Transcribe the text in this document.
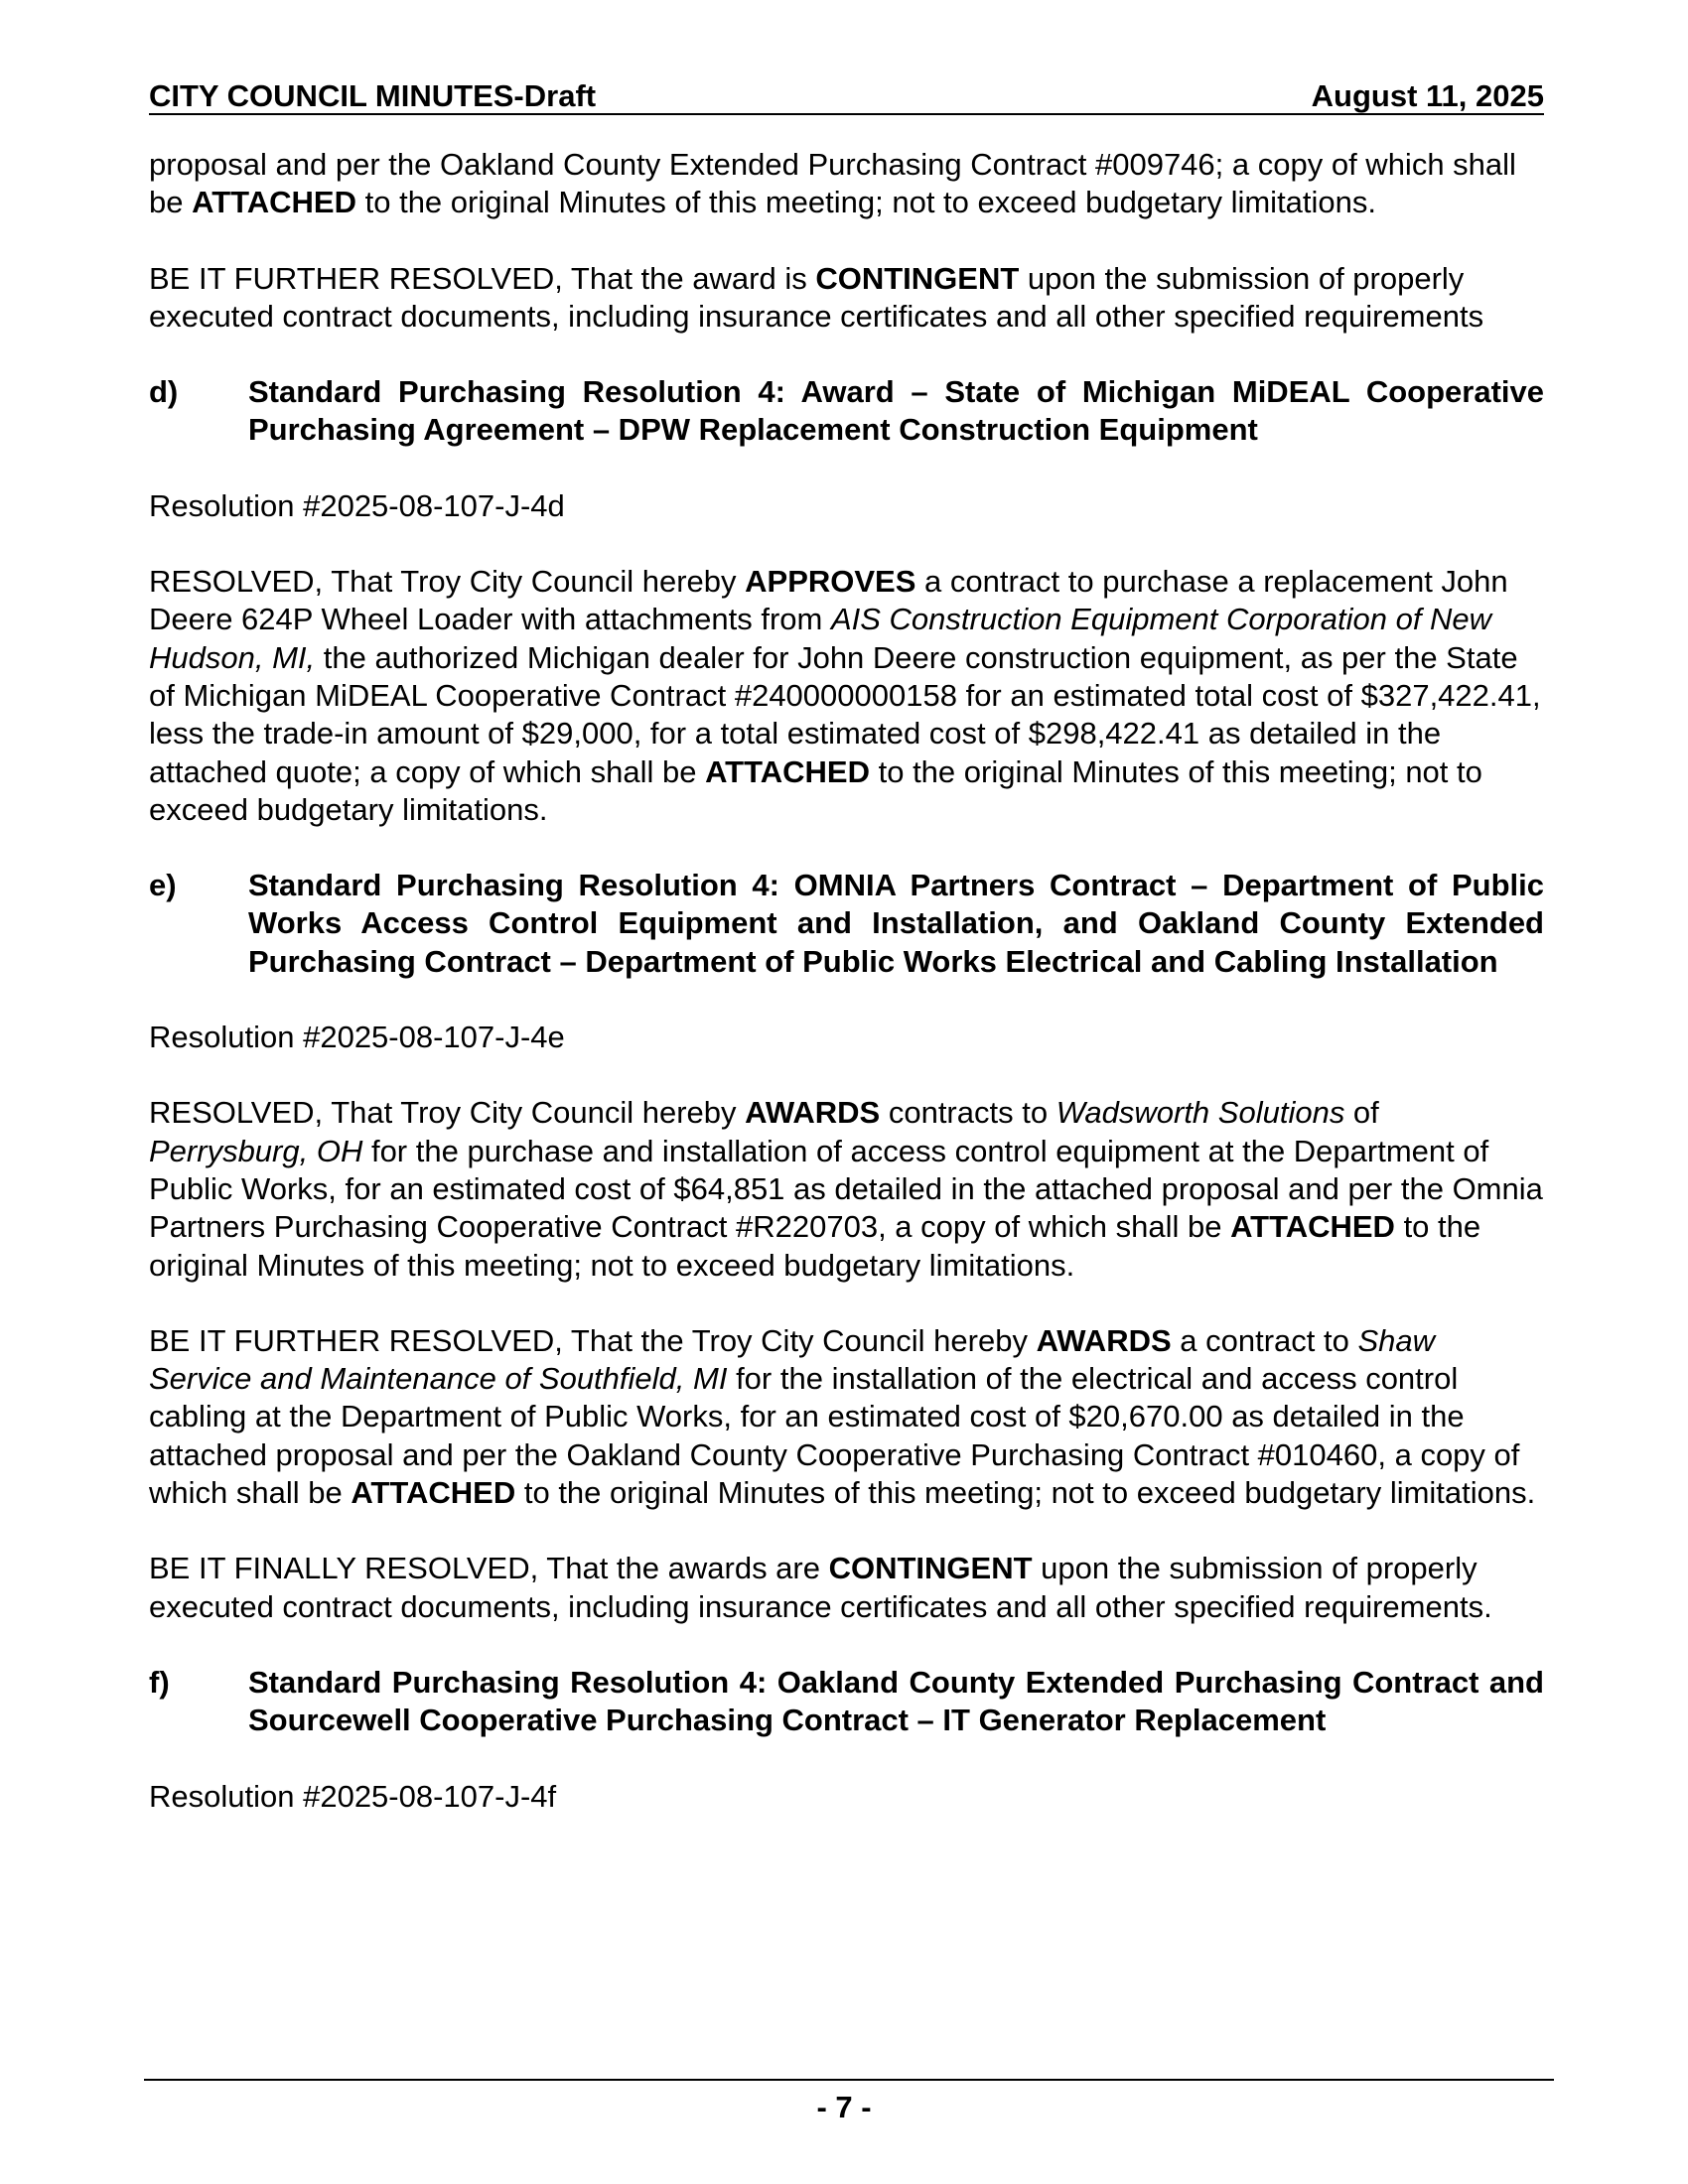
CITY COUNCIL MINUTES-Draft	August 11, 2025

proposal and per the Oakland County Extended Purchasing Contract #009746; a copy of which shall be ATTACHED to the original Minutes of this meeting; not to exceed budgetary limitations.

BE IT FURTHER RESOLVED, That the award is CONTINGENT upon the submission of properly executed contract documents, including insurance certificates and all other specified requirements

d)	Standard Purchasing Resolution 4: Award – State of Michigan MiDEAL Cooperative Purchasing Agreement – DPW Replacement Construction Equipment

Resolution #2025-08-107-J-4d

RESOLVED, That Troy City Council hereby APPROVES a contract to purchase a replacement John Deere 624P Wheel Loader with attachments from AIS Construction Equipment Corporation of New Hudson, MI, the authorized Michigan dealer for John Deere construction equipment, as per the State of Michigan MiDEAL Cooperative Contract #240000000158 for an estimated total cost of $327,422.41, less the trade-in amount of $29,000, for a total estimated cost of $298,422.41 as detailed in the attached quote; a copy of which shall be ATTACHED to the original Minutes of this meeting; not to exceed budgetary limitations.

e)	Standard Purchasing Resolution 4: OMNIA Partners Contract – Department of Public Works Access Control Equipment and Installation, and Oakland County Extended Purchasing Contract – Department of Public Works Electrical and Cabling Installation

Resolution #2025-08-107-J-4e

RESOLVED, That Troy City Council hereby AWARDS contracts to Wadsworth Solutions of Perrysburg, OH for the purchase and installation of access control equipment at the Department of Public Works, for an estimated cost of $64,851 as detailed in the attached proposal and per the Omnia Partners Purchasing Cooperative Contract #R220703, a copy of which shall be ATTACHED to the original Minutes of this meeting; not to exceed budgetary limitations.

BE IT FURTHER RESOLVED, That the Troy City Council hereby AWARDS a contract to Shaw Service and Maintenance of Southfield, MI for the installation of the electrical and access control cabling at the Department of Public Works, for an estimated cost of $20,670.00 as detailed in the attached proposal and per the Oakland County Cooperative Purchasing Contract #010460, a copy of which shall be ATTACHED to the original Minutes of this meeting; not to exceed budgetary limitations.

BE IT FINALLY RESOLVED, That the awards are CONTINGENT upon the submission of properly executed contract documents, including insurance certificates and all other specified requirements.

f)	Standard Purchasing Resolution 4: Oakland County Extended Purchasing Contract and Sourcewell Cooperative Purchasing Contract – IT Generator Replacement

Resolution #2025-08-107-J-4f

- 7 -
